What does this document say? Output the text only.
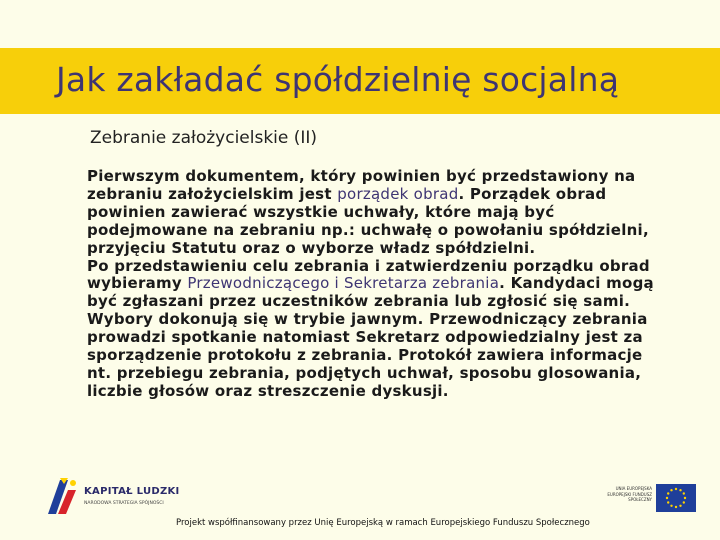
Jak zakładać spółdzielnię socjalną
Zebranie założycielskie (II)

Pierwszym dokumentem, który powinien być przedstawiony na zebraniu założycielskim jest porządek obrad. Porządek obrad powinien zawierać wszystkie uchwały, które mają być podejmowane na zebraniu np.: uchwałę o powołaniu spółdzielni, przyjęciu Statutu oraz o wyborze władz spółdzielni.

Po przedstawieniu celu zebrania i zatwierdzeniu porządku obrad wybieramy Przewodniczącego i Sekretarza zebrania. Kandydaci mogą być zgłaszani przez uczestników zebrania lub zgłosić się sami. Wybory dokonują się w trybie jawnym. Przewodniczący zebrania prowadzi spotkanie natomiast Sekretarz odpowiedzialny jest za sporządzenie protokołu z zebrania. Protokół zawiera informacje nt. przebiegu zebrania, podjętych uchwał, sposobu glosowania, liczbie głosów oraz streszczenie dyskusji.

KAPITAŁ LUDZKI
NARODOWA STRATEGIA SPÓJNOŚCI
UNIA EUROPEJSKA EUROPEJSKI FUNDUSZ SPOŁECZNY
Projekt współfinansowany przez Unię Europejską w ramach Europejskiego Funduszu Społecznego
